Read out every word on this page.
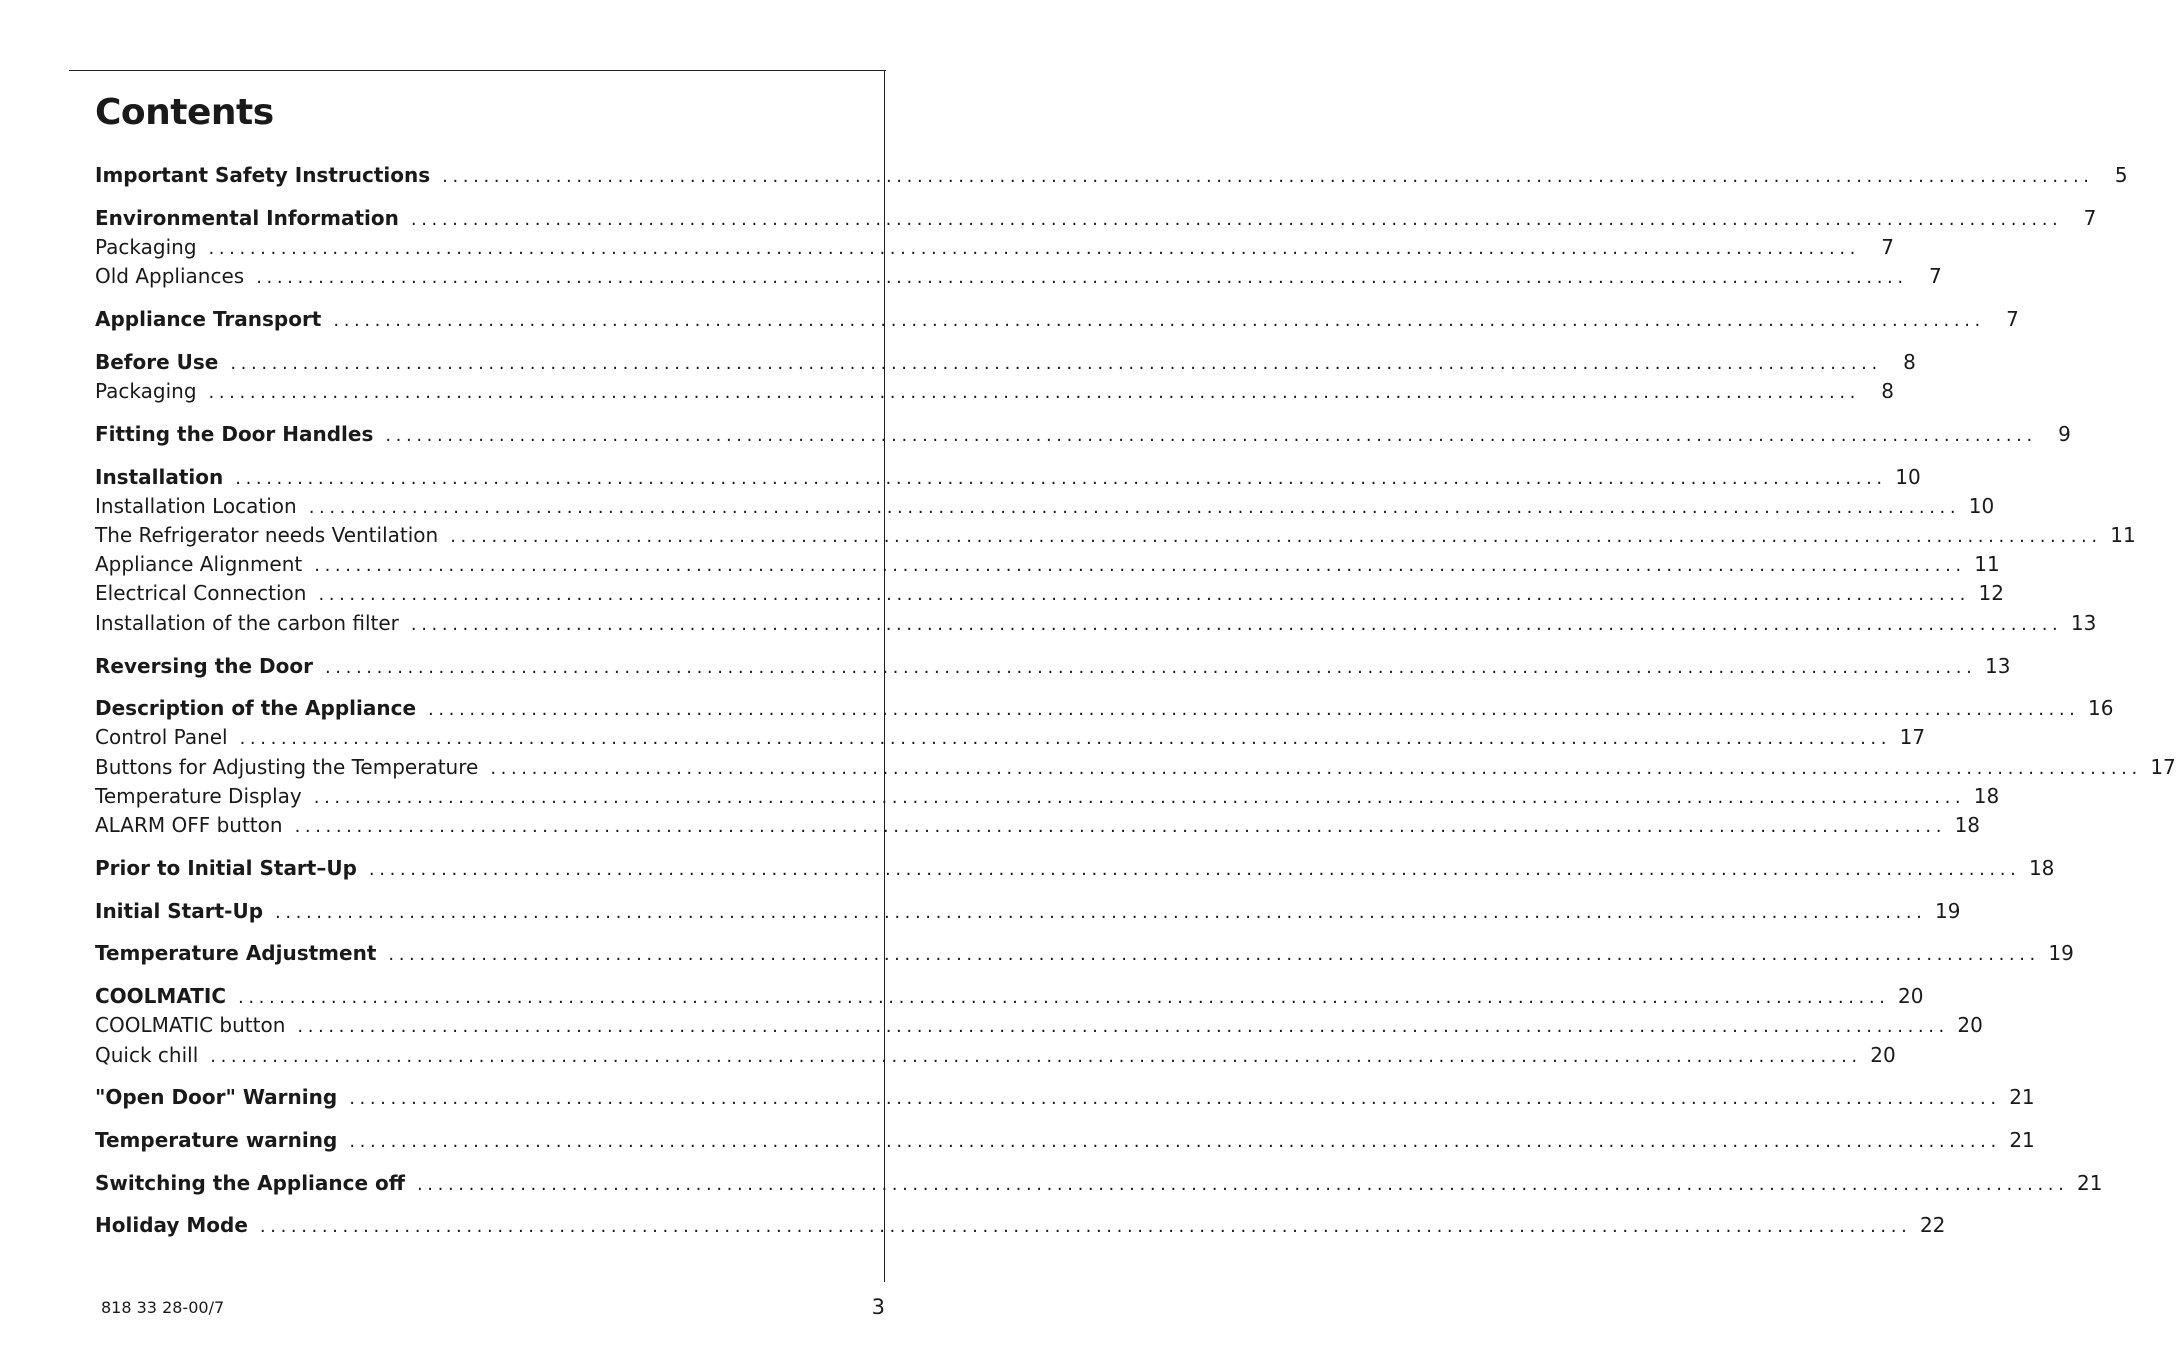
Contents
Important Safety Instructions ................................................................................................................................................................	5
Environmental Information ................................................................................................................................................................	7
Packaging ................................................................................................................................................................	7
Old Appliances ................................................................................................................................................................	7
Appliance Transport ................................................................................................................................................................	7
Before Use ................................................................................................................................................................	8
Packaging ................................................................................................................................................................	8
Fitting the Door Handles ................................................................................................................................................................	9
Installation ................................................................................................................................................................ 10
Installation Location ................................................................................................................................................................ 10
The Refrigerator needs Ventilation ................................................................................................................................................................ 11
Appliance Alignment ................................................................................................................................................................ 11
Electrical Connection ................................................................................................................................................................ 12
Installation of the carbon filter ................................................................................................................................................................ 13
Reversing the Door ................................................................................................................................................................ 13
Description of the Appliance ................................................................................................................................................................ 16
Control Panel ................................................................................................................................................................ 17
Buttons for Adjusting the Temperature ................................................................................................................................................................ 17
Temperature Display ................................................................................................................................................................ 18
ALARM OFF button ................................................................................................................................................................ 18
Prior to Initial Start–Up ................................................................................................................................................................ 18
Initial Start-Up ................................................................................................................................................................ 19
Temperature Adjustment ................................................................................................................................................................ 19
COOLMATIC ................................................................................................................................................................ 20
COOLMATIC button ................................................................................................................................................................ 20
Quick chill ................................................................................................................................................................ 20
"Open Door" Warning ................................................................................................................................................................ 21
Temperature warning ................................................................................................................................................................ 21
Switching the Appliance off ................................................................................................................................................................ 21
Holiday Mode ................................................................................................................................................................ 22
818 33 28-00/7	3
